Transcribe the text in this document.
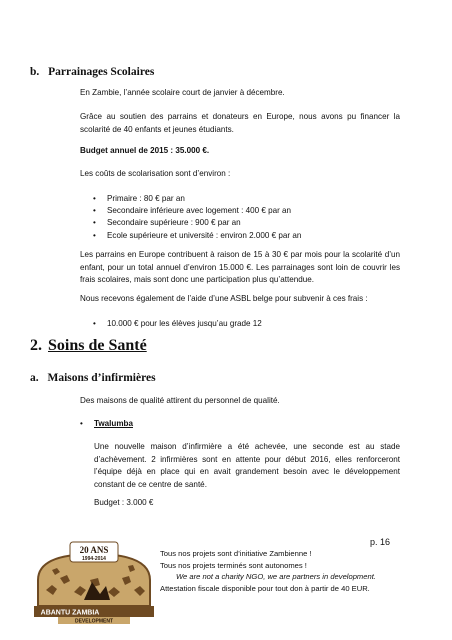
b. Parrainages Scolaires

En Zambie, l’année scolaire court de janvier à décembre.

Grâce au soutien des parrains et donateurs en Europe, nous avons pu financer la scolarité de 40 enfants et jeunes étudiants.

Budget annuel de 2015 : 35.000 €.

Les coûts de scolarisation sont d’environ :

• Primaire : 80 € par an
• Secondaire inférieure avec logement : 400 € par an
• Secondaire supérieure : 900 € par an
• Ecole supérieure et université : environ 2.000 € par an

Les parrains en Europe contribuent à raison de 15 à 30 € par mois pour la scolarité d’un enfant, pour un total annuel d’environ 15.000 €. Les parrainages sont loin de couvrir les frais scolaires, mais sont donc une participation plus qu’attendue.

Nous recevons également de l’aide d’une ASBL belge pour subvenir à ces frais :

• 10.000 € pour les élèves jusqu’au grade 12
2. Soins de Santé
a. Maisons d’infirmières

Des maisons de qualité attirent du personnel de qualité.

• Twalumba

Une nouvelle maison d’infirmière a été achevée, une seconde est au stade d’achèvement. 2 infirmières sont en attente pour début 2016, elles renforceront l’équipe déjà en place qui en avait grandement besoin avec le développement constant de ce centre de santé.

Budget : 3.000 €

p. 16
20 ANS
1994-2014
ABANTU ZAMBIA
DEVELOPMENT

Tous nos projets sont d’initiative Zambienne !

Tous nos projets terminés sont autonomes !

We are not a charity NGO, we are partners in development.

Attestation fiscale disponible pour tout don à partir de 40 EUR.
